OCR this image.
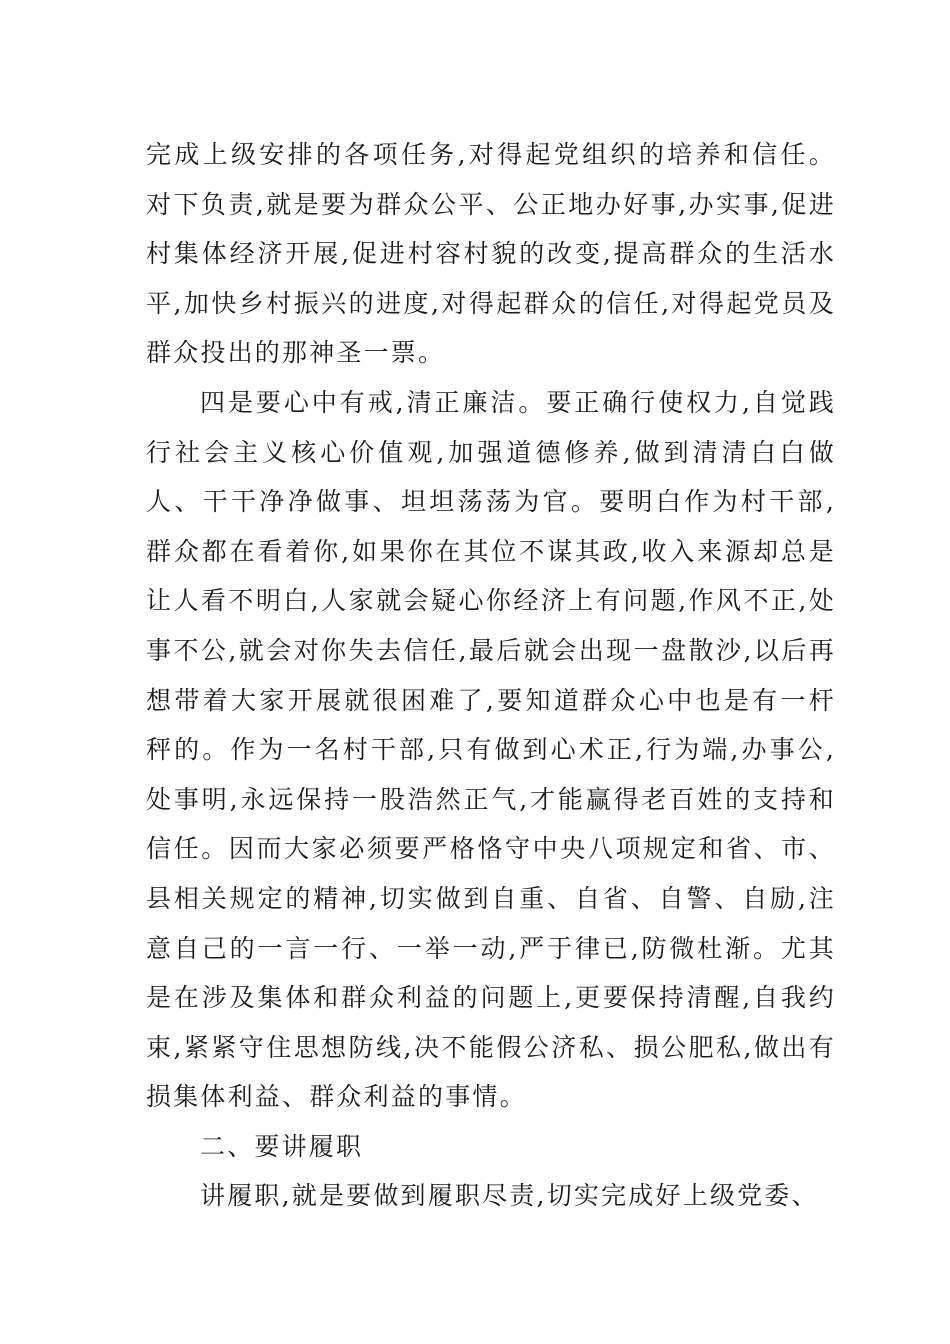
完成上级安排的各项任务,对得起党组织的培养和信任。对下负责,就是要为群众公平、公正地办好事,办实事,促进村集体经济开展,促进村容村貌的改变,提高群众的生活水平,加快乡村振兴的进度,对得起群众的信任,对得起党员及群众投出的那神圣一票。

四是要心中有戒,清正廉洁。要正确行使权力,自觉践行社会主义核心价值观,加强道德修养,做到清清白白做人、干干净净做事、坦坦荡荡为官。要明白作为村干部,群众都在看着你,如果你在其位不谋其政,收入来源却总是让人看不明白,人家就会疑心你经济上有问题,作风不正,处事不公,就会对你失去信任,最后就会出现一盘散沙,以后再想带着大家开展就很困难了,要知道群众心中也是有一杆秤的。作为一名村干部,只有做到心术正,行为端,办事公,处事明,永远保持一股浩然正气,才能赢得老百姓的支持和信任。因而大家必须要严格恪守中央八项规定和省、市、县相关规定的精神,切实做到自重、自省、自警、自励,注意自己的一言一行、一举一动,严于律已,防微杜渐。尤其是在涉及集体和群众利益的问题上,更要保持清醒,自我约束,紧紧守住思想防线,决不能假公济私、损公肥私,做出有损集体利益、群众利益的事情。

二、要讲履职

讲履职,就是要做到履职尽责,切实完成好上级党委、
